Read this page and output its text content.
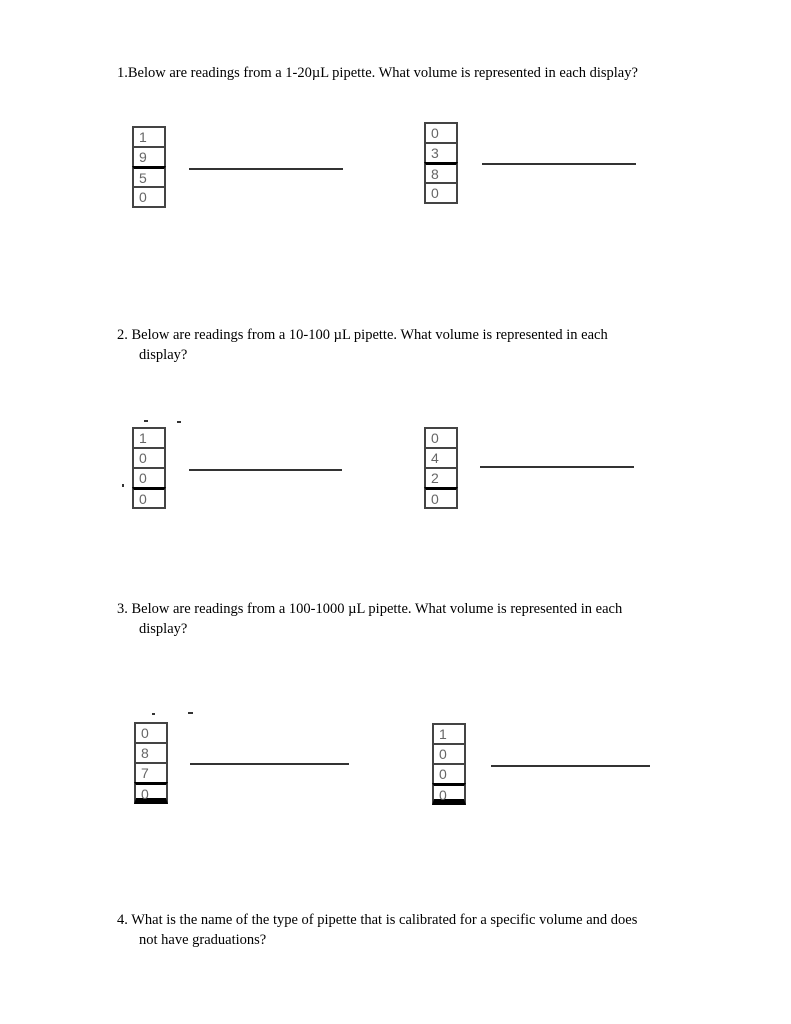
1.Below are readings from a 1-20µL pipette. What volume is represented in each display?
1
9
5
0
0
3
8
0
2. Below are readings from a 10-100 µL pipette. What volume is represented in each
display?
1
0
0
0
0
4
2
0
3. Below are readings from a 100-1000 µL pipette. What volume is represented in each
display?
0
8
7
0
1
0
0
0
4. What is the name of the type of pipette that is calibrated for a specific volume and does
not have graduations?
